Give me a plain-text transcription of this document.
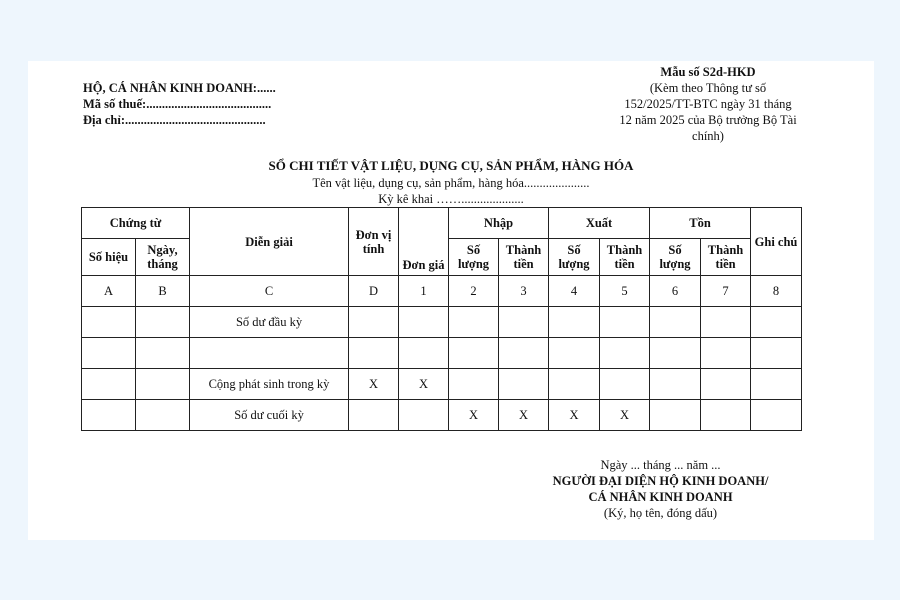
HỘ, CÁ NHÂN KINH DOANH:......
Mã số thuế:........................................
Địa chỉ:.............................................
Mẫu số S2d-HKD
(Kèm theo Thông tư số
152/2025/TT-BTC ngày 31 tháng
12 năm 2025 của Bộ trưởng Bộ Tài
chính)
SỔ CHI TIẾT VẬT LIỆU, DỤNG CỤ, SẢN PHẨM, HÀNG HÓA
Tên vật liệu, dụng cụ, sản phẩm, hàng hóa.....................
Kỳ kê khai ……....................
Chứng từ		Diễn giải	Đơn vị tính	Đơn giá	Nhập		Xuất		Tồn		Ghi chú
Số hiệu	Ngày, tháng				Số lượng	Thành tiền	Số lượng	Thành tiền	Số lượng	Thành tiền	
A	B	C	D	1	2	3	4	5	6	7	8
		Số dư đầu kỳ									

		Cộng phát sinh trong kỳ	X	X							
		Số dư cuối kỳ			X	X	X	X			
Ngày ... tháng ... năm ...
NGƯỜI ĐẠI DIỆN HỘ KINH DOANH/
CÁ NHÂN KINH DOANH
(Ký, họ tên, đóng dấu)
